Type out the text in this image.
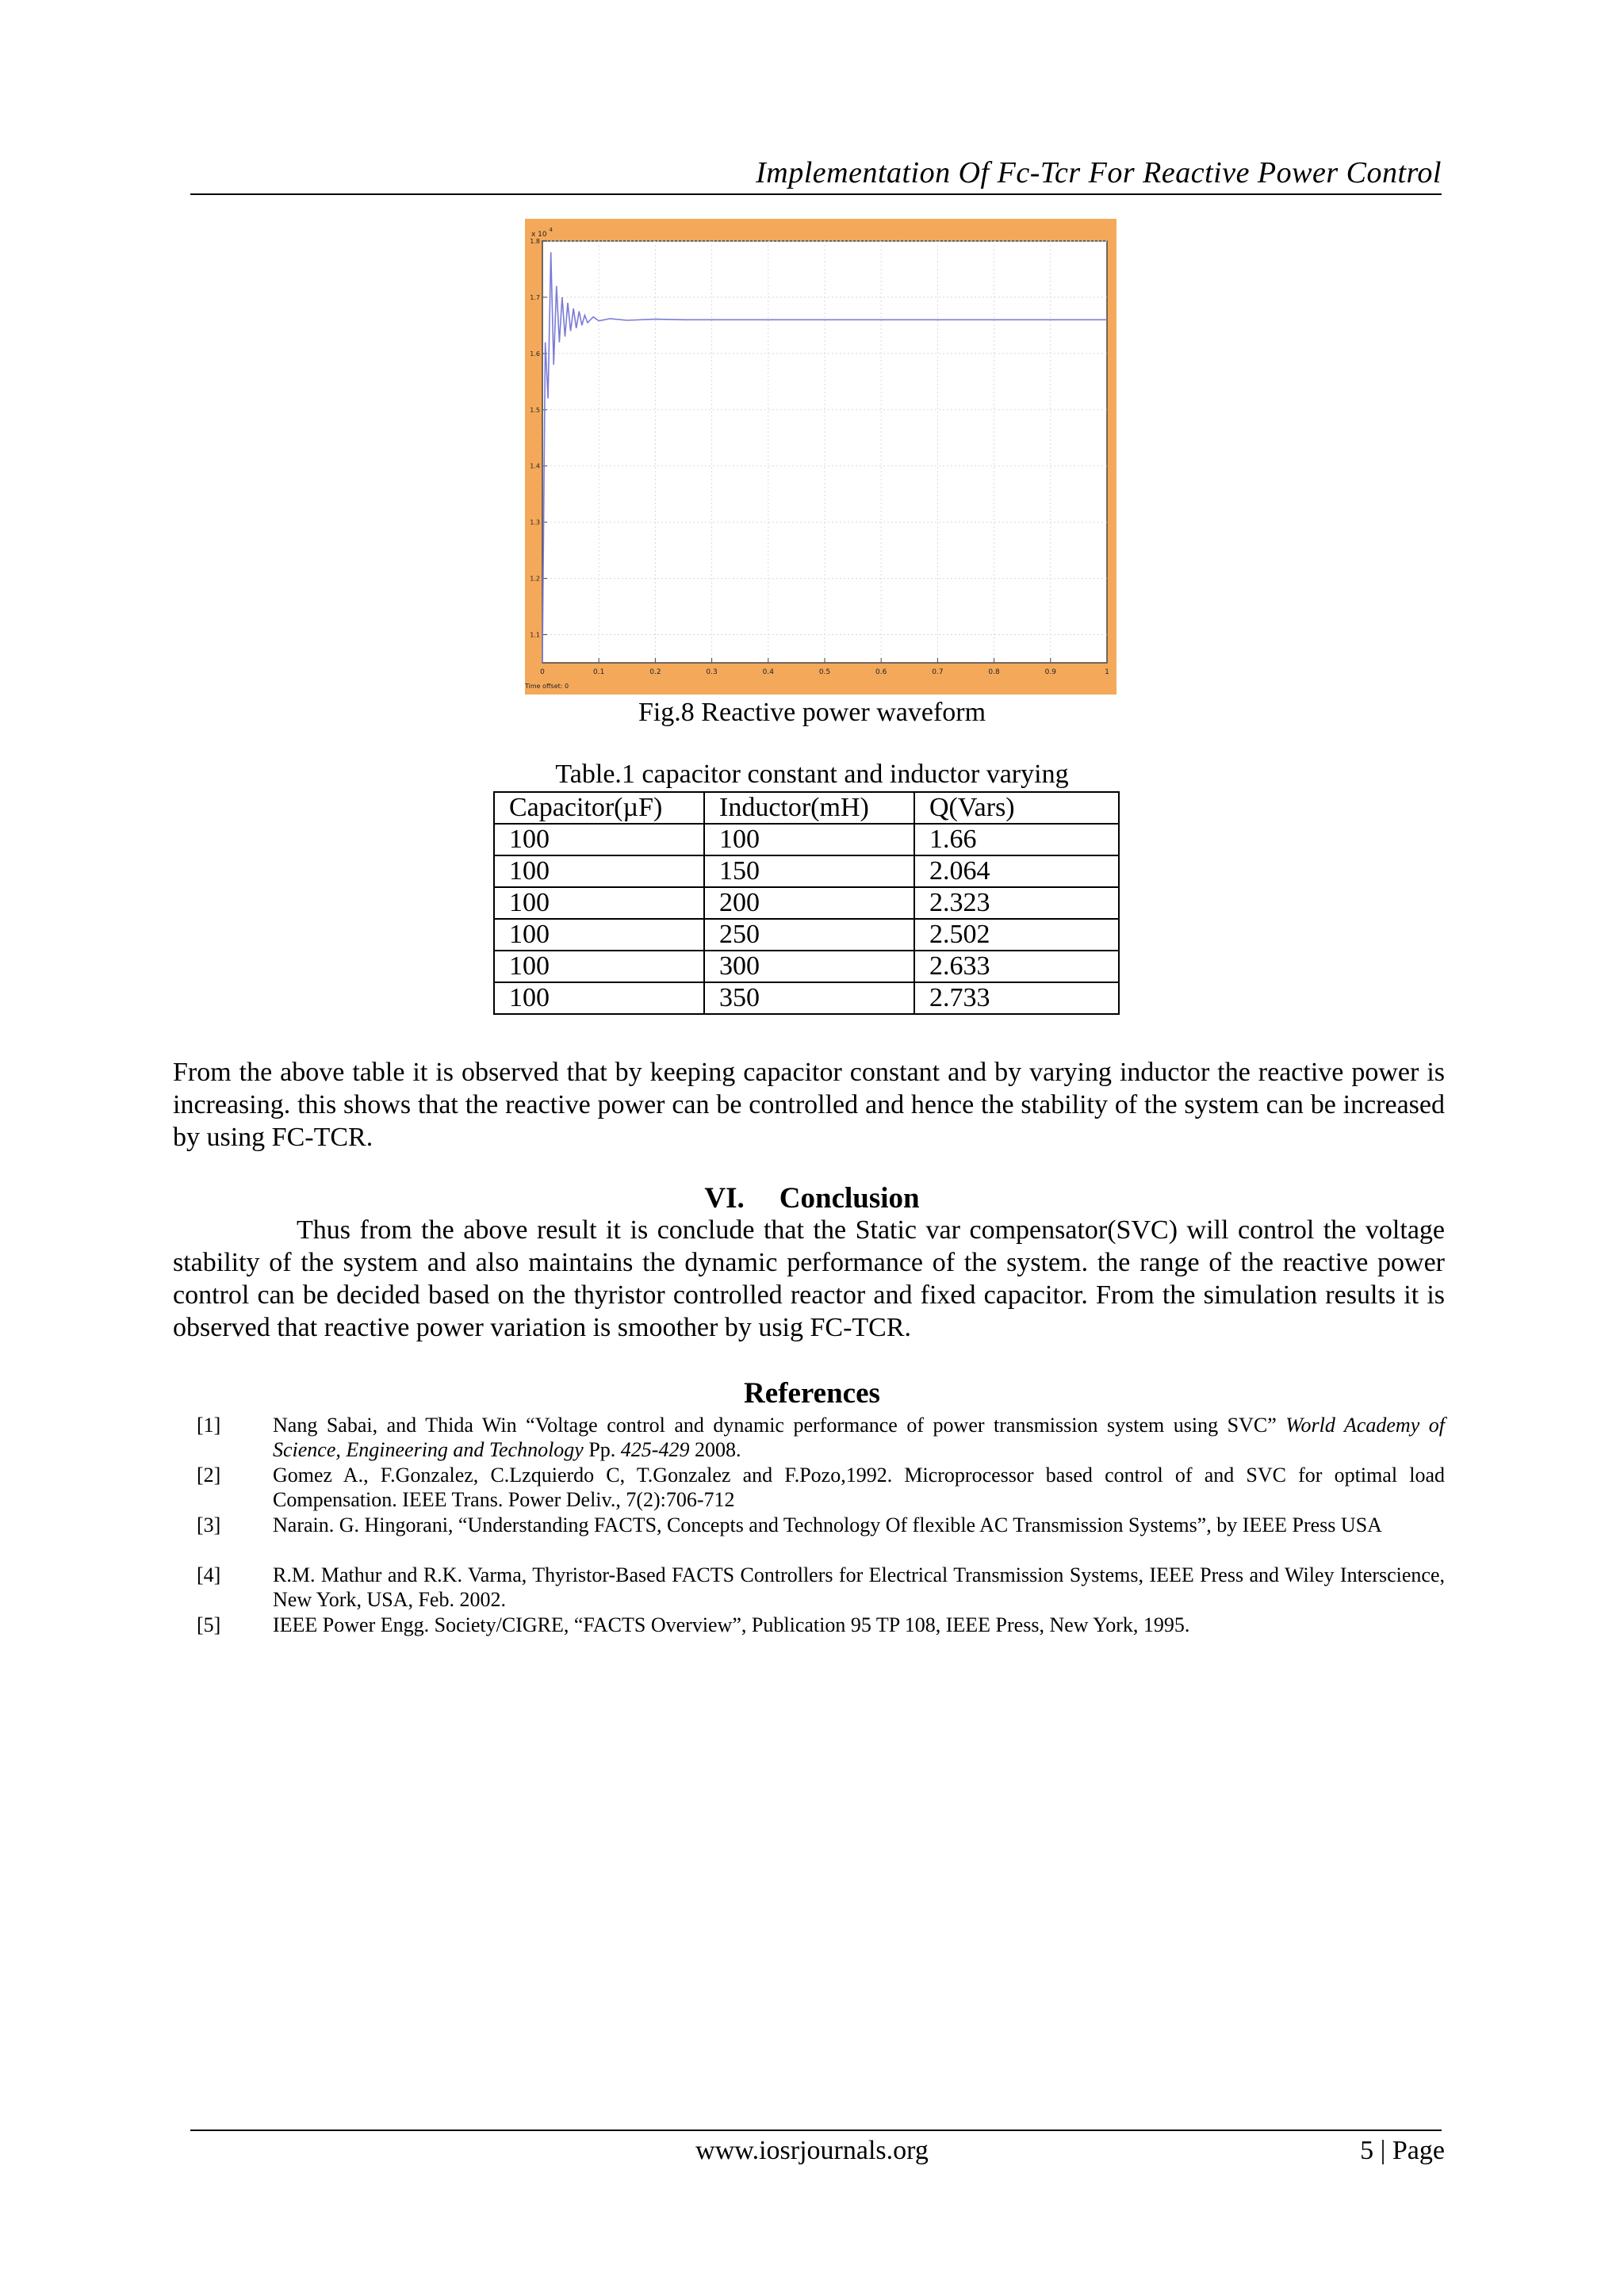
Implementation Of Fc-Tcr For Reactive Power Control
0	0.1	0.2	0.3	0.4	0.5	0.6	0.7	0.8	0.9	1
1.1
1.2
1.3
1.4
1.5
1.6
1.7
1.8
x 10 $^4$
Time offset: 0
Fig.8 Reactive power waveform
Table.1 capacitor constant and inductor varying
Capacitor(µF)	Inductor(mH)	Q(Vars)
100	100	1.66
100	150	2.064
100	200	2.323
100	250	2.502
100	300	2.633
100	350	2.733
From the above table it is observed that by keeping capacitor constant and by varying inductor the reactive power is increasing. this shows that the reactive power can be controlled and hence the stability of the system can be increased by using FC-TCR.
VI. Conclusion
Thus from the above result it is conclude that the Static var compensator(SVC) will control the voltage stability of the system and also maintains the dynamic performance of the system. the range of the reactive power control can be decided based on the thyristor controlled reactor and fixed capacitor. From the simulation results it is observed that reactive power variation is smoother by usig FC-TCR.
References
[1]	Nang Sabai, and Thida Win “Voltage control and dynamic performance of power transmission system using SVC” World Academy of Science, Engineering and Technology Pp. 425-429 2008.
[2]	Gomez A., F.Gonzalez, C.Lzquierdo C, T.Gonzalez and F.Pozo,1992. Microprocessor based control of and SVC for optimal load Compensation. IEEE Trans. Power Deliv., 7(2):706-712
[3]	Narain. G. Hingorani, “Understanding FACTS, Concepts and Technology Of flexible AC Transmission Systems”, by IEEE Press USA
[4]	R.M. Mathur and R.K. Varma, Thyristor-Based FACTS Controllers for Electrical Transmission Systems, IEEE Press and Wiley Interscience, New York, USA, Feb. 2002.
[5]	IEEE Power Engg. Society/CIGRE, “FACTS Overview”, Publication 95 TP 108, IEEE Press, New York, 1995.
www.iosrjournals.org	5 | Page
